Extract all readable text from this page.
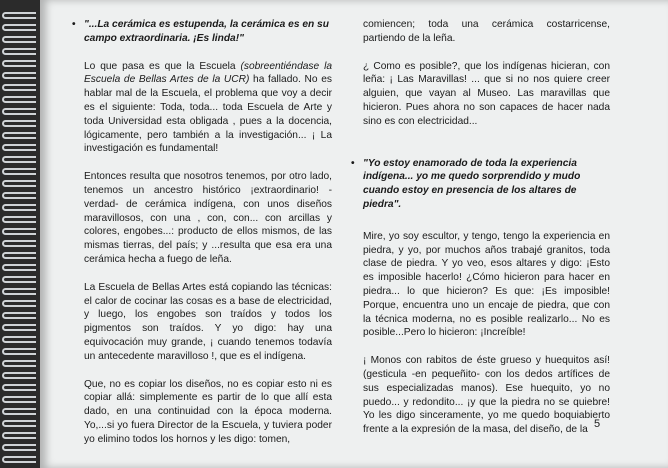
• "...La cerámica es estupenda, la cerámica es en su campo extraordinaria. ¡Es linda!"

Lo que pasa es que la Escuela (sobreentiéndase la Escuela de Bellas Artes de la UCR) ha fallado. No es hablar mal de la Escuela, el problema que voy a decir es el siguiente: Toda, toda... toda Escuela de Arte y toda Universidad esta obligada , pues a la docencia, lógicamente, pero también a la investigación... ¡ La investigación es fundamental!

Entonces resulta que nosotros tenemos, por otro lado, tenemos un ancestro histórico ¡extraordinario! - verdad- de cerámica indígena, con unos diseños maravillosos, con una , con, con... con arcillas y colores, engobes...: producto de ellos mismos, de las mismas tierras, del país; y ...resulta que esa era una cerámica hecha a fuego de leña.

La Escuela de Bellas Artes está copiando las técnicas: el calor de cocinar las cosas es a base de electricidad, y luego, los engobes son traídos y todos los pigmentos son traídos. Y yo digo: hay una equivocación muy grande, ¡ cuando tenemos todavía un antecedente maravilloso !, que es el indígena.

Que, no es copiar los diseños, no es copiar esto ni es copiar allá: simplemente es partir de lo que allí esta dado, en una continuidad con la época moderna. Yo,...si yo fuera Director de la Escuela, y tuviera poder yo elimino todos los hornos y les digo: tomen,

comiencen; toda una cerámica costarricense, partiendo de la leña.

¿ Como es posible?, que los indígenas hicieran, con leña: ¡ Las Maravillas! ... que si no nos quiere creer alguien, que vayan al Museo. Las maravillas que hicieron. Pues ahora no son capaces de hacer nada sino es con electricidad...

• "Yo estoy enamorado de toda la experiencia indígena... yo me quedo sorprendido y mudo cuando estoy en presencia de los altares de piedra".

Mire, yo soy escultor, y tengo, tengo la experiencia en piedra, y yo, por muchos años trabajé granitos, toda clase de piedra. Y yo veo, esos altares y digo: ¡Esto es imposible hacerlo! ¿Cómo hicieron para hacer en piedra... lo que hicieron? Es que: ¡Es imposible! Porque, encuentra uno un encaje de piedra, que con la técnica moderna, no es posible realizarlo... No es posible...Pero lo hicieron: ¡Increíble!

¡ Monos con rabitos de éste grueso y huequitos así! (gesticula -en pequeñito- con los dedos artífices de sus especializadas manos). Ese huequito, yo no puedo... y redondito... ¡y que la piedra no se quiebre! Yo les digo sinceramente, yo me quedo boquiabierto frente a la expresión de la masa, del diseño, de la 5
